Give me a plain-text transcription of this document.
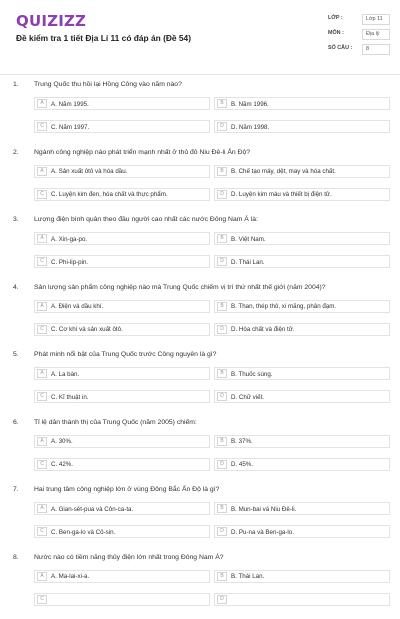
QUIZIZZ
Đề kiểm tra 1 tiết Địa Lí 11 có đáp án (Đề 54)
LỚP :	Lớp 11
MÔN :	Địa lý
SỐ CÂU :	8
1. Trung Quốc thu hồi lại Hồng Công vào năm nào?
A	A. Năm 1995.	B	B. Năm 1996.
C	C. Năm 1997.	D	D. Năm 1998.
2. Ngành công nghiệp nào phát triển mạnh nhất ở thủ đô Niu Đê-li Ấn Độ?
A	A. Sản xuất ôtô và hóa dầu.	B	B. Chế tạo máy, dệt, may và hóa chất.
C	C. Luyện kim đen, hóa chất và thực phẩm.	D	D. Luyện kim màu và thiết bị điện tử.
3. Lượng điện bình quân theo đầu người cao nhất các nước Đông Nam Á là:
A	A. Xin-ga-po.	B	B. Việt Nam.
C	C. Phi-lip-pin.	D	D. Thái Lan.
4. Sản lượng sản phẩm công nghiệp nào mà Trung Quốc chiếm vị trí thứ nhất thế giới (năm 2004)?
A	A. Điện và dầu khí.	B	B. Than, thép thô, xi măng, phân đạm.
C	C. Cơ khí và sản xuất ôtô.	D	D. Hóa chất và điện tử.
5. Phát minh nổi bật của Trung Quốc trước Công nguyên là gì?
A	A. La bàn.	B	B. Thuốc súng.
C	C. Kĩ thuật in.	D	D. Chữ viết.
6. Tỉ lệ dân thành thị của Trung Quốc (năm 2005) chiếm:
A	A. 30%.	B	B. 37%.
C	C. 42%.	D	D. 45%.
7. Hai trung tâm công nghiệp lớn ở vùng Đông Bắc Ấn Độ là gì?
A	A. Gian-sét-pua và Côn-ca-ta.	B	B. Mun-bai và Niu Đê-li.
C	C. Ben-ga-lo và Cô-sin.	D	D. Pu-na và Ben-ga-lo.
8. Nước nào có tiềm năng thủy điện lớn nhất trong Đông Nam Á?
A	A. Ma-lai-xi-a.	B	B. Thái Lan.
C	D
